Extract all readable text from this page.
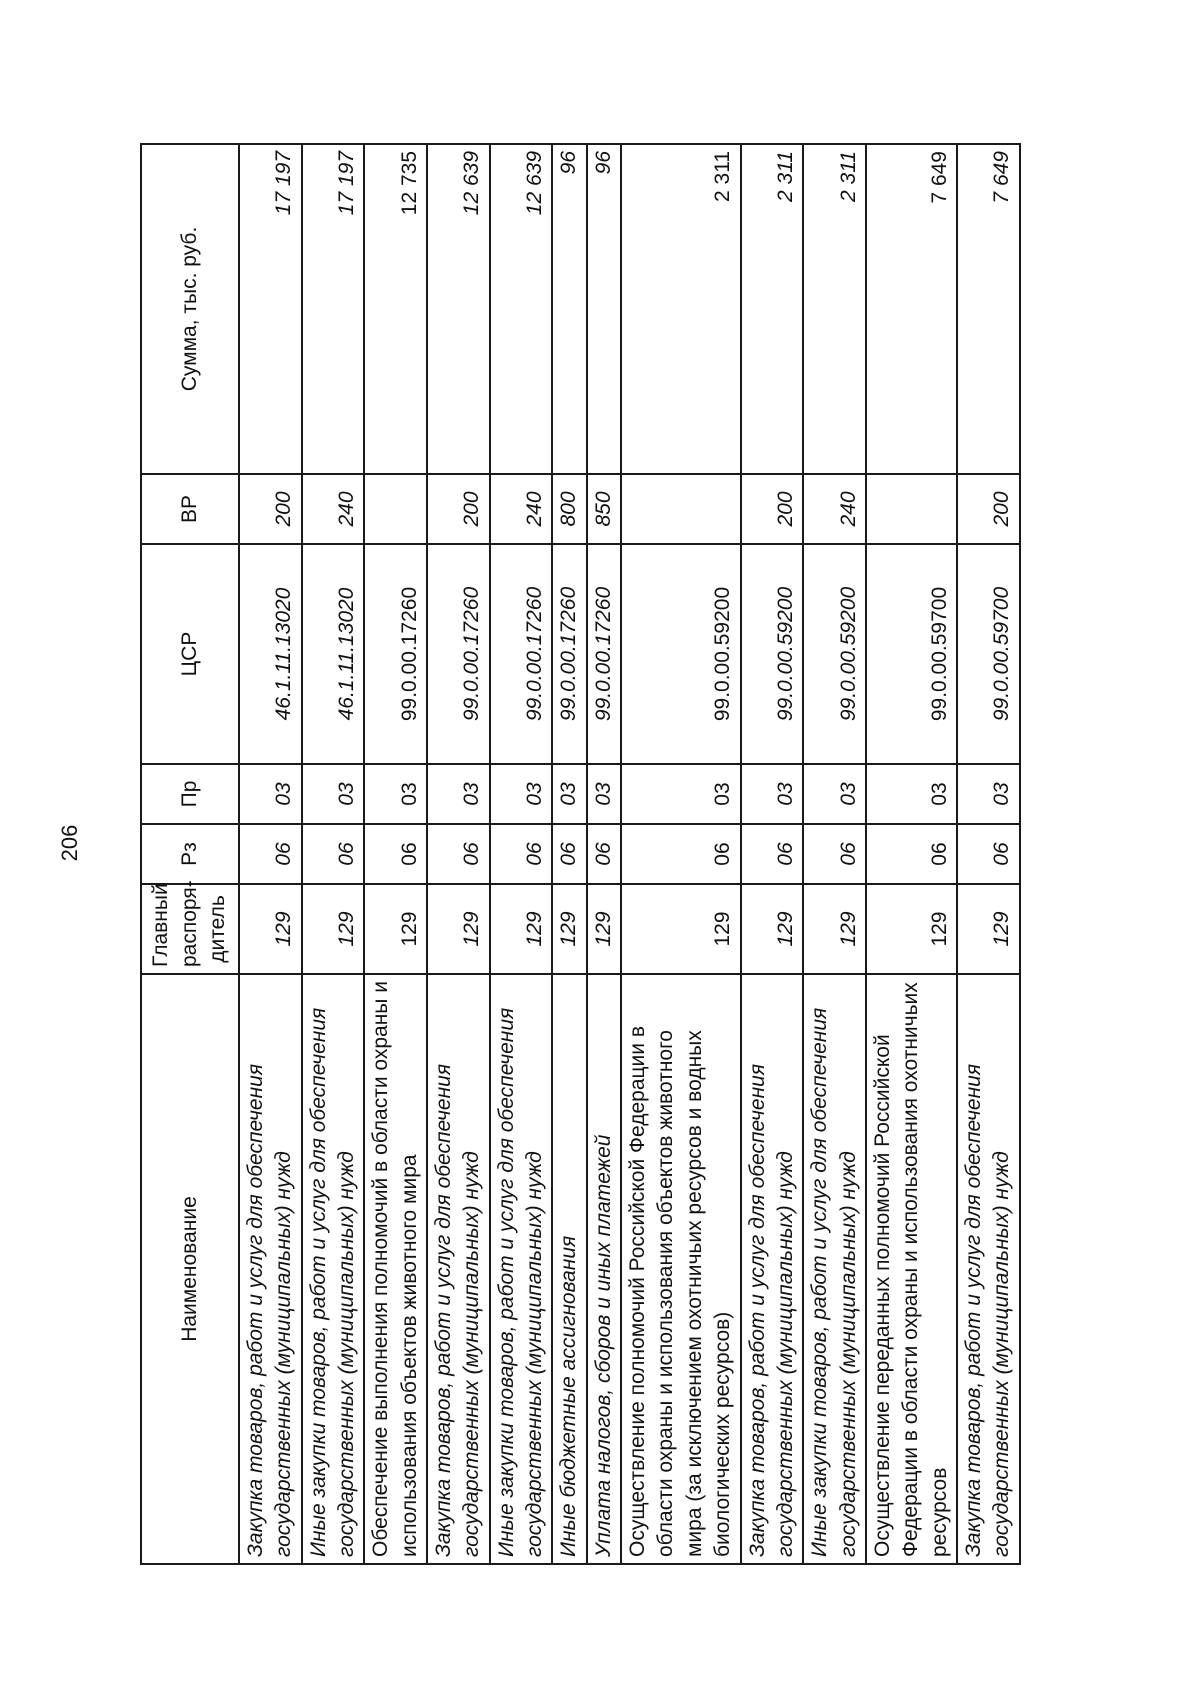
206
Наименование	Главный распоря-дитель	Рз	Пр	ЦСР	ВР	Сумма, тыс. руб.
Закупка товаров, работ и услуг для обеспечения государственных (муниципальных) нужд	129	06	03	46.1.11.13020	200	17 197
Иные закупки товаров, работ и услуг для обеспечения государственных (муниципальных) нужд	129	06	03	46.1.11.13020	240	17 197
Обеспечение выполнения полномочий в области охраны и использования объектов животного мира	129	06	03	99.0.00.17260		12 735
Закупка товаров, работ и услуг для обеспечения государственных (муниципальных) нужд	129	06	03	99.0.00.17260	200	12 639
Иные закупки товаров, работ и услуг для обеспечения государственных (муниципальных) нужд	129	06	03	99.0.00.17260	240	12 639
Иные бюджетные ассигнования	129	06	03	99.0.00.17260	800	96
Уплата налогов, сборов и иных платежей	129	06	03	99.0.00.17260	850	96
Осуществление полномочий Российской Федерации в области охраны и использования объектов животного мира (за исключением охотничьих ресурсов и водных биологических ресурсов)	129	06	03	99.0.00.59200		2 311
Закупка товаров, работ и услуг для обеспечения государственных (муниципальных) нужд	129	06	03	99.0.00.59200	200	2 311
Иные закупки товаров, работ и услуг для обеспечения государственных (муниципальных) нужд	129	06	03	99.0.00.59200	240	2 311
Осуществление переданных полномочий Российской Федерации в области охраны и использования охотничьих ресурсов	129	06	03	99.0.00.59700		7 649
Закупка товаров, работ и услуг для обеспечения государственных (муниципальных) нужд	129	06	03	99.0.00.59700	200	7 649
